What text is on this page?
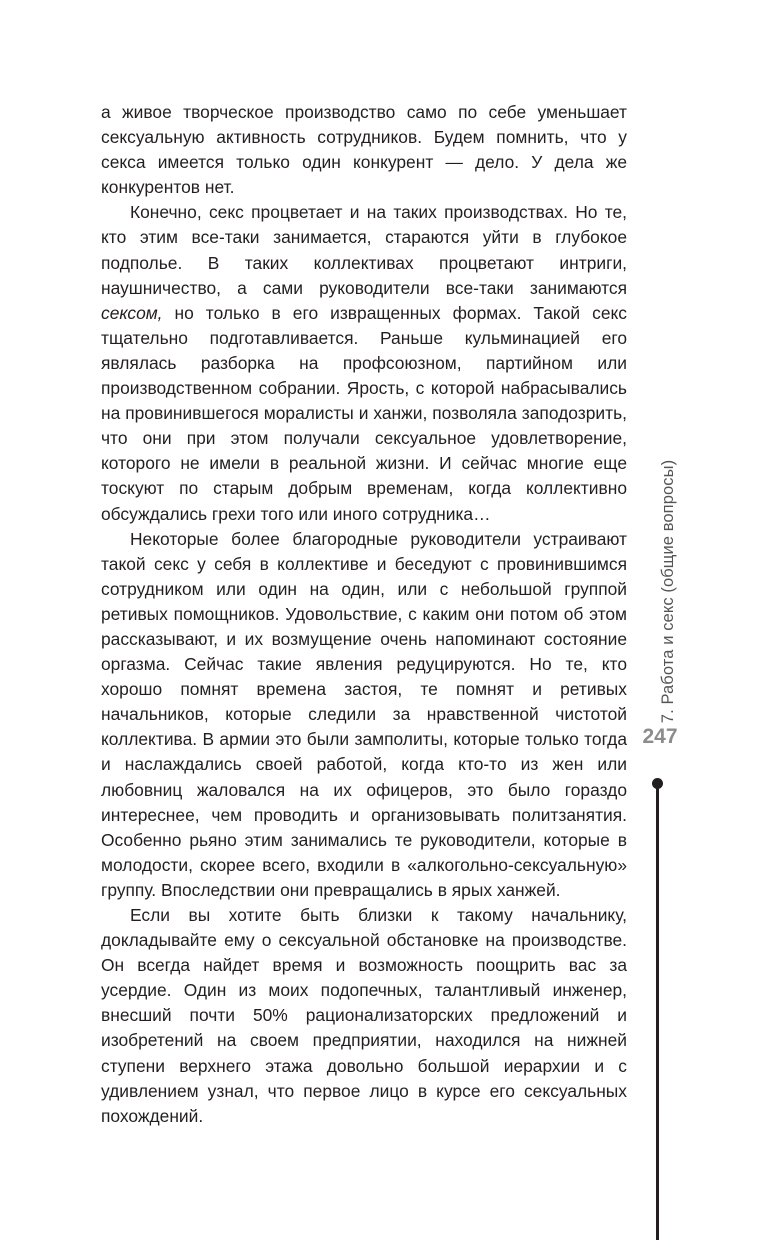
а живое творческое производство само по себе уменьшает сексуальную активность сотрудников. Будем помнить, что у секса имеется только один конкурент — дело. У дела же конкурентов нет.

Конечно, секс процветает и на таких производствах. Но те, кто этим все-таки занимается, стараются уйти в глубокое подполье. В таких коллективах процветают интриги, наушничество, а сами руководители все-таки занимаются сексом, но только в его извращенных формах. Такой секс тщательно подготавливается. Раньше кульминацией его являлась разборка на профсоюзном, партийном или производственном собрании. Ярость, с которой набрасывались на провинившегося моралисты и ханжи, позволяла заподозрить, что они при этом получали сексуальное удовлетворение, которого не имели в реальной жизни. И сейчас многие еще тоскуют по старым добрым временам, когда коллективно обсуждались грехи того или иного сотрудника…

Некоторые более благородные руководители устраивают такой секс у себя в коллективе и беседуют с провинившимся сотрудником или один на один, или с небольшой группой ретивых помощников. Удовольствие, с каким они потом об этом рассказывают, и их возмущение очень напоминают состояние оргазма. Сейчас такие явления редуцируются. Но те, кто хорошо помнят времена застоя, те помнят и ретивых начальников, которые следили за нравственной чистотой коллектива. В армии это были замполиты, которые только тогда и наслаждались своей работой, когда кто-то из жен или любовниц жаловался на их офицеров, это было гораздо интереснее, чем проводить и организовывать политзанятия. Особенно рьяно этим занимались те руководители, которые в молодости, скорее всего, входили в «алкогольно-сексуальную» группу. Впоследствии они превращались в ярых ханжей.

Если вы хотите быть близки к такому начальнику, докладывайте ему о сексуальной обстановке на производстве. Он всегда найдет время и возможность поощрить вас за усердие. Один из моих подопечных, талантливый инженер, внесший почти 50% рационализаторских предложений и изобретений на своем предприятии, находился на нижней ступени верхнего этажа довольно большой иерархии и с удивлением узнал, что первое лицо в курсе его сексуальных похождений.

7. Работа и секс (общие вопросы)
247
